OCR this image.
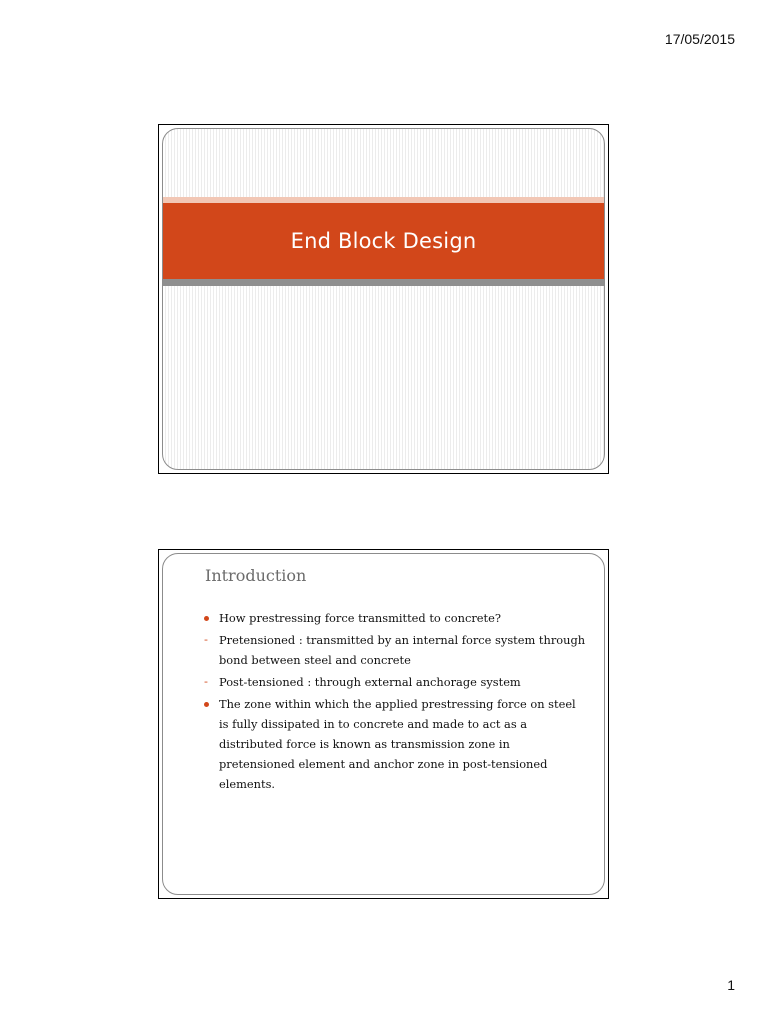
17/05/2015
End Block Design
Introduction
How prestressing force transmitted to concrete?
- Pretensioned : transmitted by an internal force system through bond between steel and concrete
- Post-tensioned : through external anchorage system
The zone within which the applied prestressing force on steel is fully dissipated in to concrete and made to act as a distributed force is known as transmission zone in pretensioned element and anchor zone in post-tensioned elements.
1
